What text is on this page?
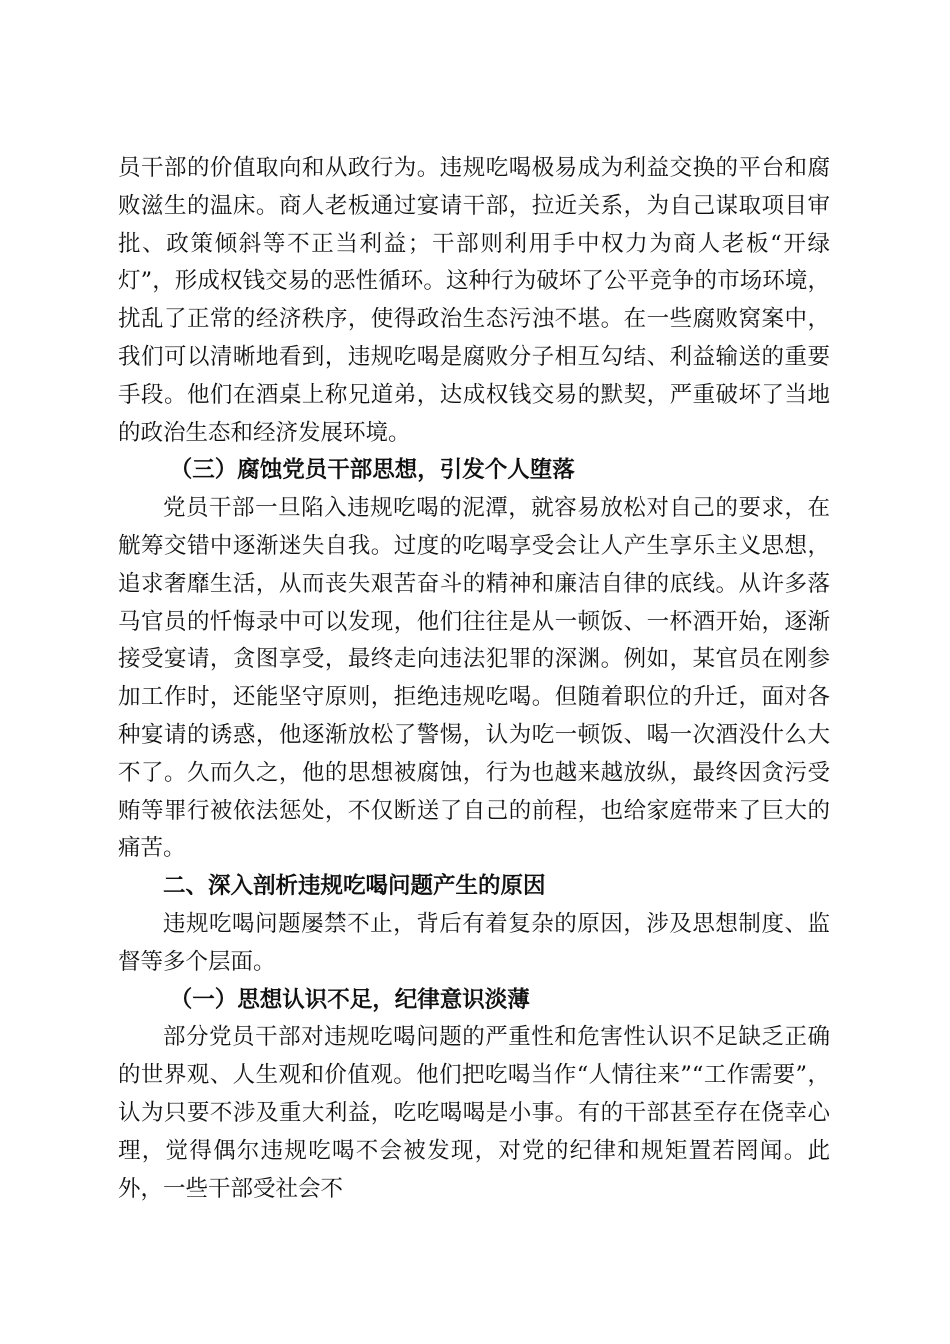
员干部的价值取向和从政行为。违规吃喝极易成为利益交换的平台和腐败滋生的温床。商人老板通过宴请干部，拉近关系，为自己谋取项目审批、政策倾斜等不正当利益；干部则利用手中权力为商人老板“开绿灯”，形成权钱交易的恶性循环。这种行为破坏了公平竞争的市场环境，扰乱了正常的经济秩序，使得政治生态污浊不堪。在一些腐败窝案中，我们可以清晰地看到，违规吃喝是腐败分子相互勾结、利益输送的重要手段。他们在酒桌上称兄道弟，达成权钱交易的默契，严重破坏了当地的政治生态和经济发展环境。

（三）腐蚀党员干部思想，引发个人堕落

党员干部一旦陷入违规吃喝的泥潭，就容易放松对自己的要求，在觥筹交错中逐渐迷失自我。过度的吃喝享受会让人产生享乐主义思想，追求奢靡生活，从而丧失艰苦奋斗的精神和廉洁自律的底线。从许多落马官员的忏悔录中可以发现，他们往往是从一顿饭、一杯酒开始，逐渐接受宴请，贪图享受，最终走向违法犯罪的深渊。例如，某官员在刚参加工作时，还能坚守原则，拒绝违规吃喝。但随着职位的升迁，面对各种宴请的诱惑，他逐渐放松了警惕，认为吃一顿饭、喝一次酒没什么大不了。久而久之，他的思想被腐蚀，行为也越来越放纵，最终因贪污受贿等罪行被依法惩处，不仅断送了自己的前程，也给家庭带来了巨大的痛苦。

二、深入剖析违规吃喝问题产生的原因

违规吃喝问题屡禁不止，背后有着复杂的原因，涉及思想制度、监督等多个层面。

（一）思想认识不足，纪律意识淡薄

部分党员干部对违规吃喝问题的严重性和危害性认识不足缺乏正确的世界观、人生观和价值观。他们把吃喝当作“人情往来”“工作需要”，认为只要不涉及重大利益，吃吃喝喝是小事。有的干部甚至存在侥幸心理，觉得偶尔违规吃喝不会被发现，对党的纪律和规矩置若罔闻。此外，一些干部受社会不
